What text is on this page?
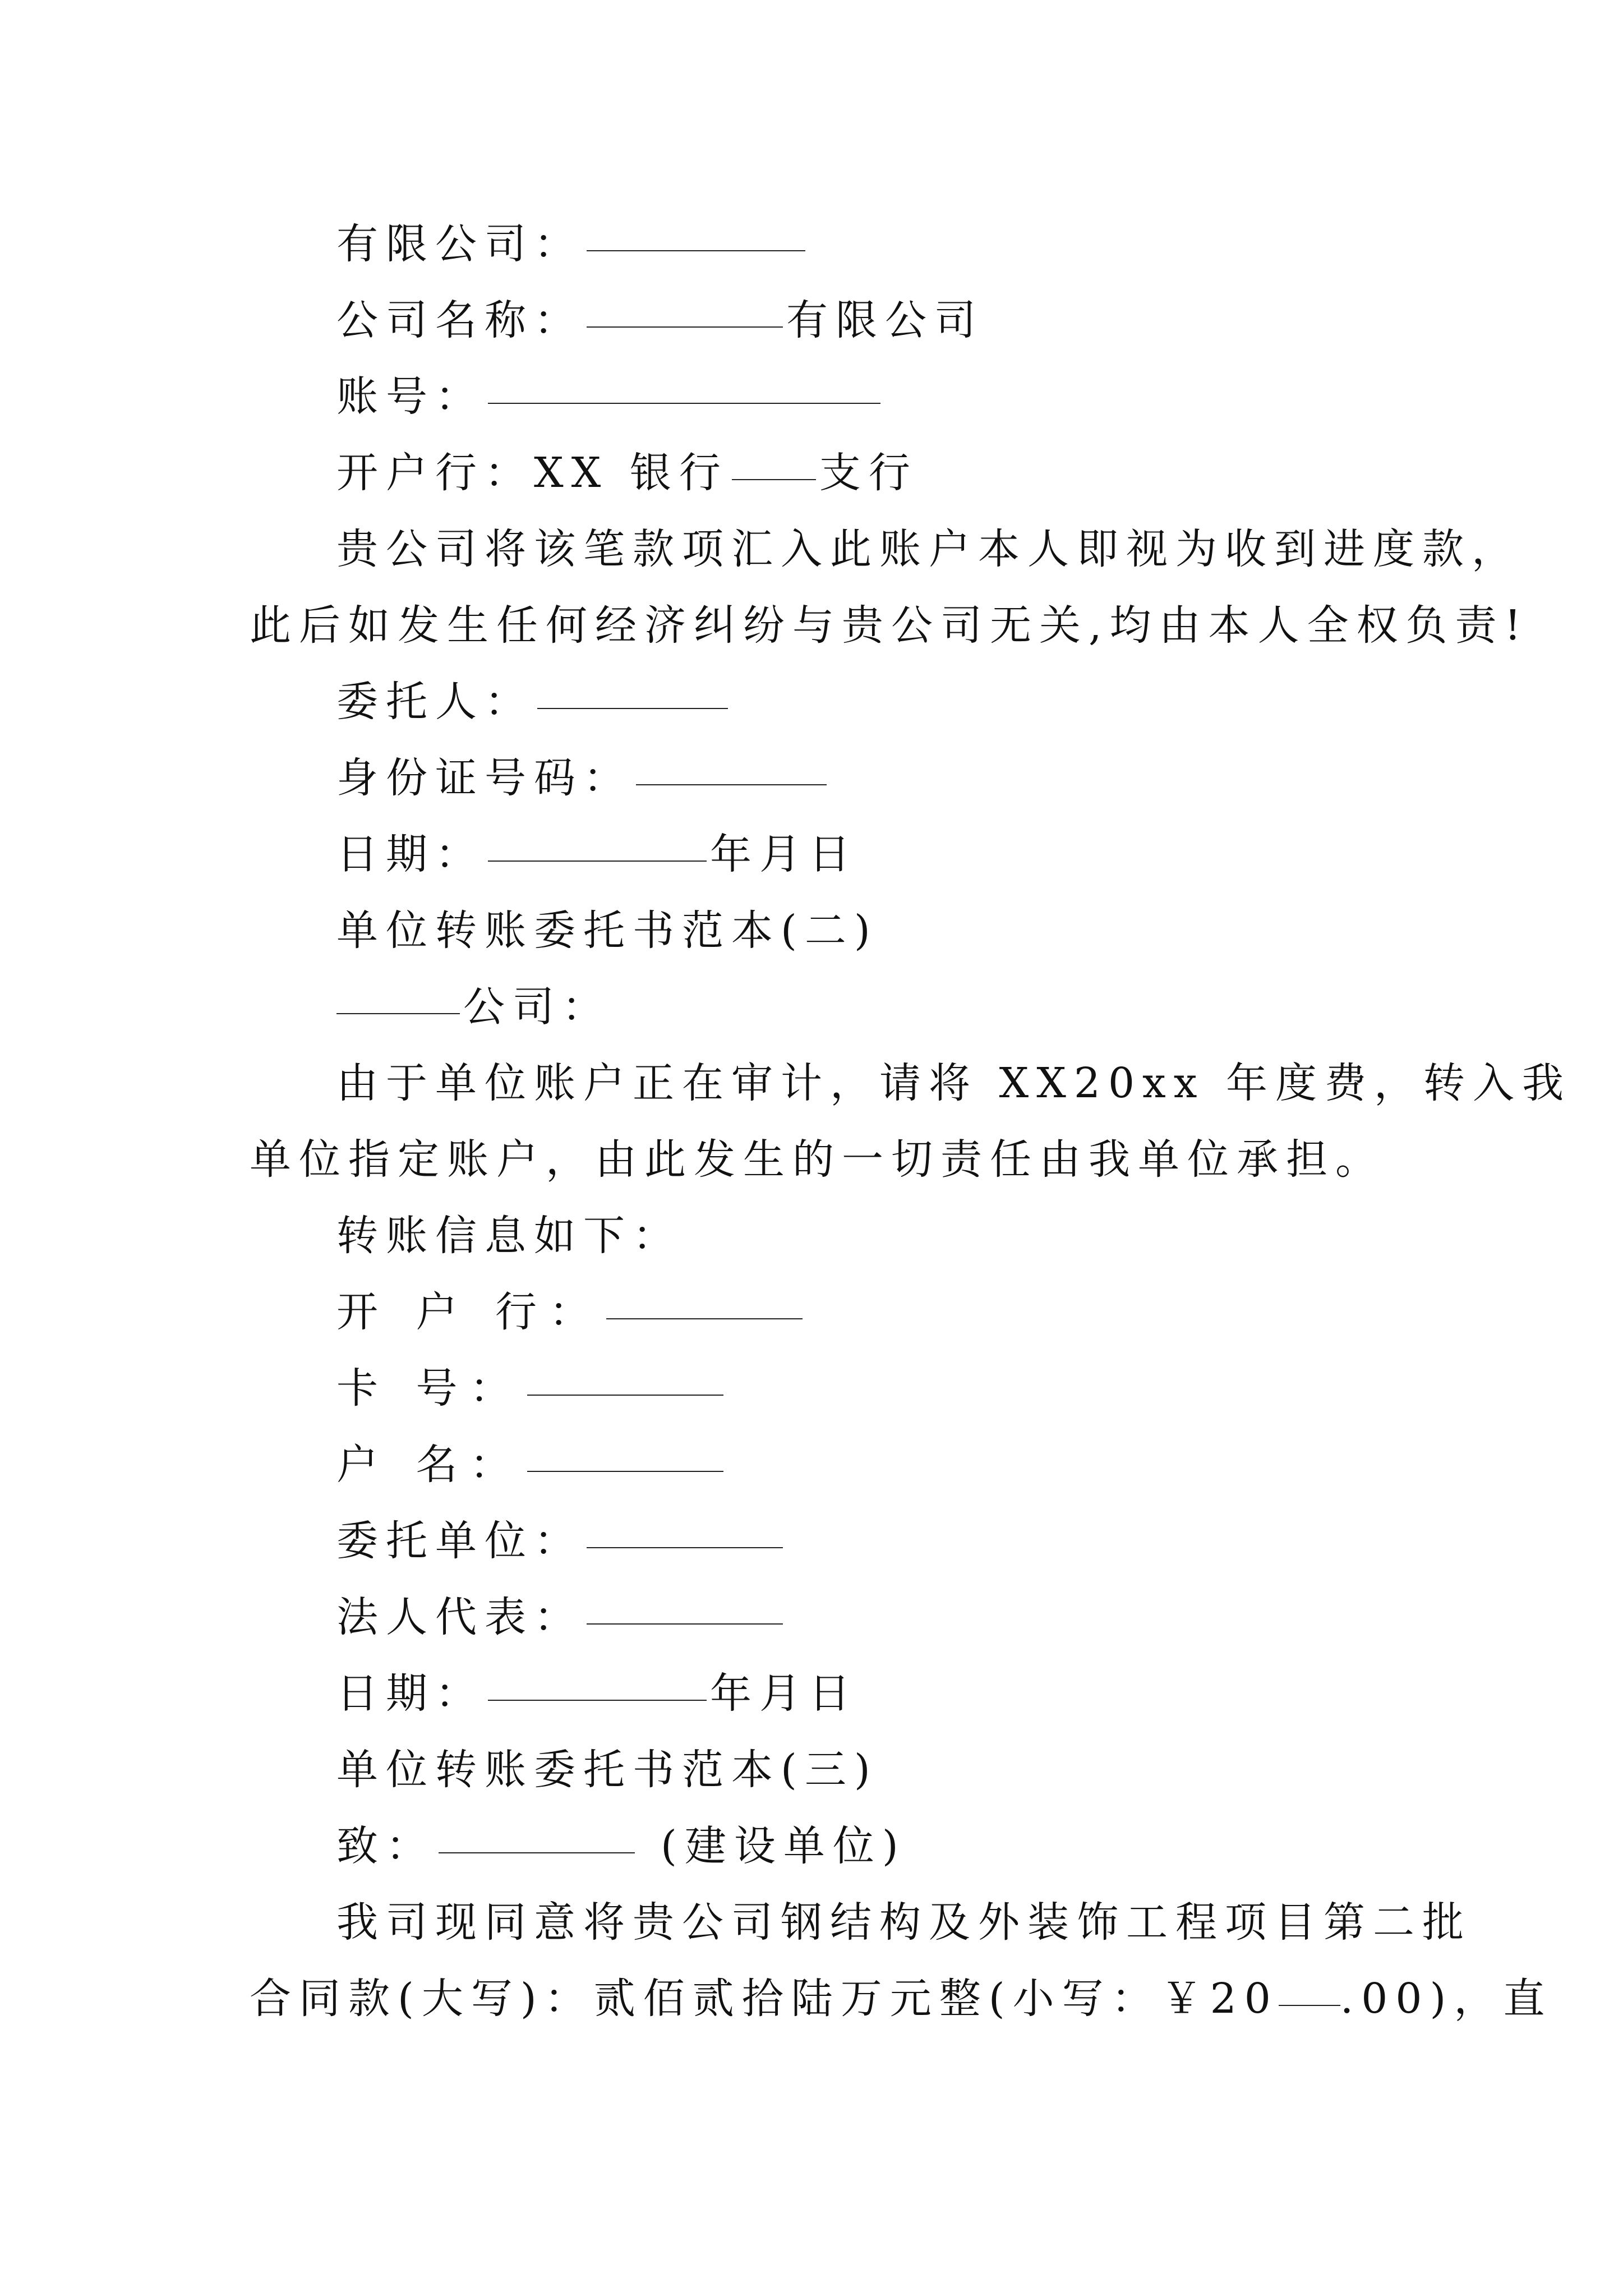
有限公司：
公司名称：	有限公司
账号：
开户行：XX 银行 支行
贵公司将该笔款项汇入此账户本人即视为收到进度款，
此后如发生任何经济纠纷与贵公司无关,均由本人全权负责!
委托人：
身份证号码：
日期：	年月日
单位转账委托书范本(二)
公司：
由于单位账户正在审计，请将 XX20xx 年度费，转入我
单位指定账户，由此发生的一切责任由我单位承担。
转账信息如下：
开 户 行：
卡 号：
户 名：
委托单位：
法人代表：
日期：	年月日
单位转账委托书范本(三)
致：	(建设单位)
我司现同意将贵公司钢结构及外装饰工程项目第二批
合同款(大写)：贰佰贰拾陆万元整(小写：￥20 .00)，直
